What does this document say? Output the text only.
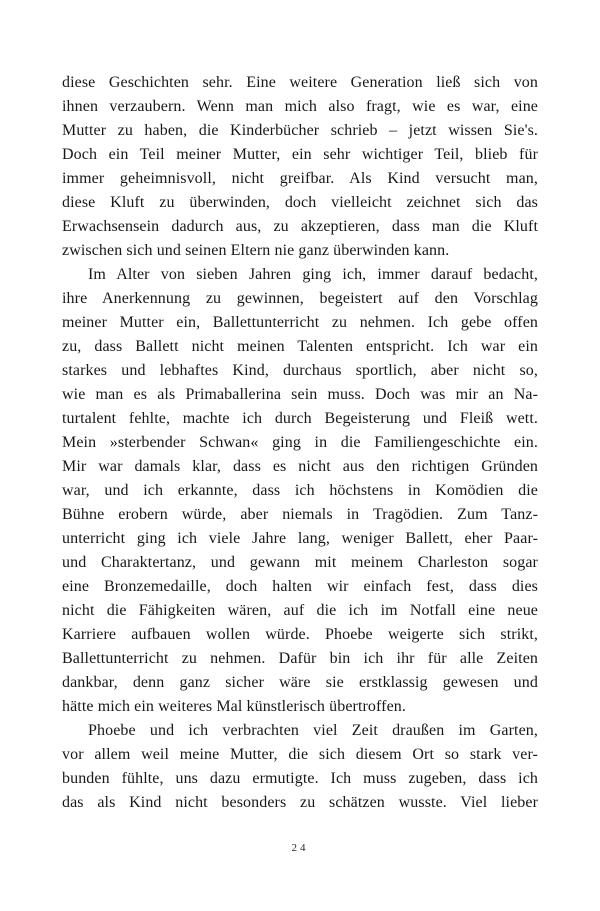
diese Geschichten sehr. Eine weitere Generation ließ sich von
ihnen verzaubern. Wenn man mich also fragt, wie es war, eine
Mutter zu haben, die Kinderbücher schrieb – jetzt wissen Sie's.
Doch ein Teil meiner Mutter, ein sehr wichtiger Teil, blieb für
immer geheimnisvoll, nicht greifbar. Als Kind versucht man,
diese Kluft zu überwinden, doch vielleicht zeichnet sich das
Erwachsensein dadurch aus, zu akzeptieren, dass man die Kluft
zwischen sich und seinen Eltern nie ganz überwinden kann.
Im Alter von sieben Jahren ging ich, immer darauf bedacht,
ihre Anerkennung zu gewinnen, begeistert auf den Vorschlag
meiner Mutter ein, Ballettunterricht zu nehmen. Ich gebe offen
zu, dass Ballett nicht meinen Talenten entspricht. Ich war ein
starkes und lebhaftes Kind, durchaus sportlich, aber nicht so,
wie man es als Primaballerina sein muss. Doch was mir an Na-
turtalent fehlte, machte ich durch Begeisterung und Fleiß wett.
Mein »sterbender Schwan« ging in die Familiengeschichte ein.
Mir war damals klar, dass es nicht aus den richtigen Gründen
war, und ich erkannte, dass ich höchstens in Komödien die
Bühne erobern würde, aber niemals in Tragödien. Zum Tanz-
unterricht ging ich viele Jahre lang, weniger Ballett, eher Paar-
und Charaktertanz, und gewann mit meinem Charleston sogar
eine Bronzemedaille, doch halten wir einfach fest, dass dies
nicht die Fähigkeiten wären, auf die ich im Notfall eine neue
Karriere aufbauen wollen würde. Phoebe weigerte sich strikt,
Ballettunterricht zu nehmen. Dafür bin ich ihr für alle Zeiten
dankbar, denn ganz sicher wäre sie erstklassig gewesen und
hätte mich ein weiteres Mal künstlerisch übertroffen.
Phoebe und ich verbrachten viel Zeit draußen im Garten,
vor allem weil meine Mutter, die sich diesem Ort so stark ver-
bunden fühlte, uns dazu ermutigte. Ich muss zugeben, dass ich
das als Kind nicht besonders zu schätzen wusste. Viel lieber
24
